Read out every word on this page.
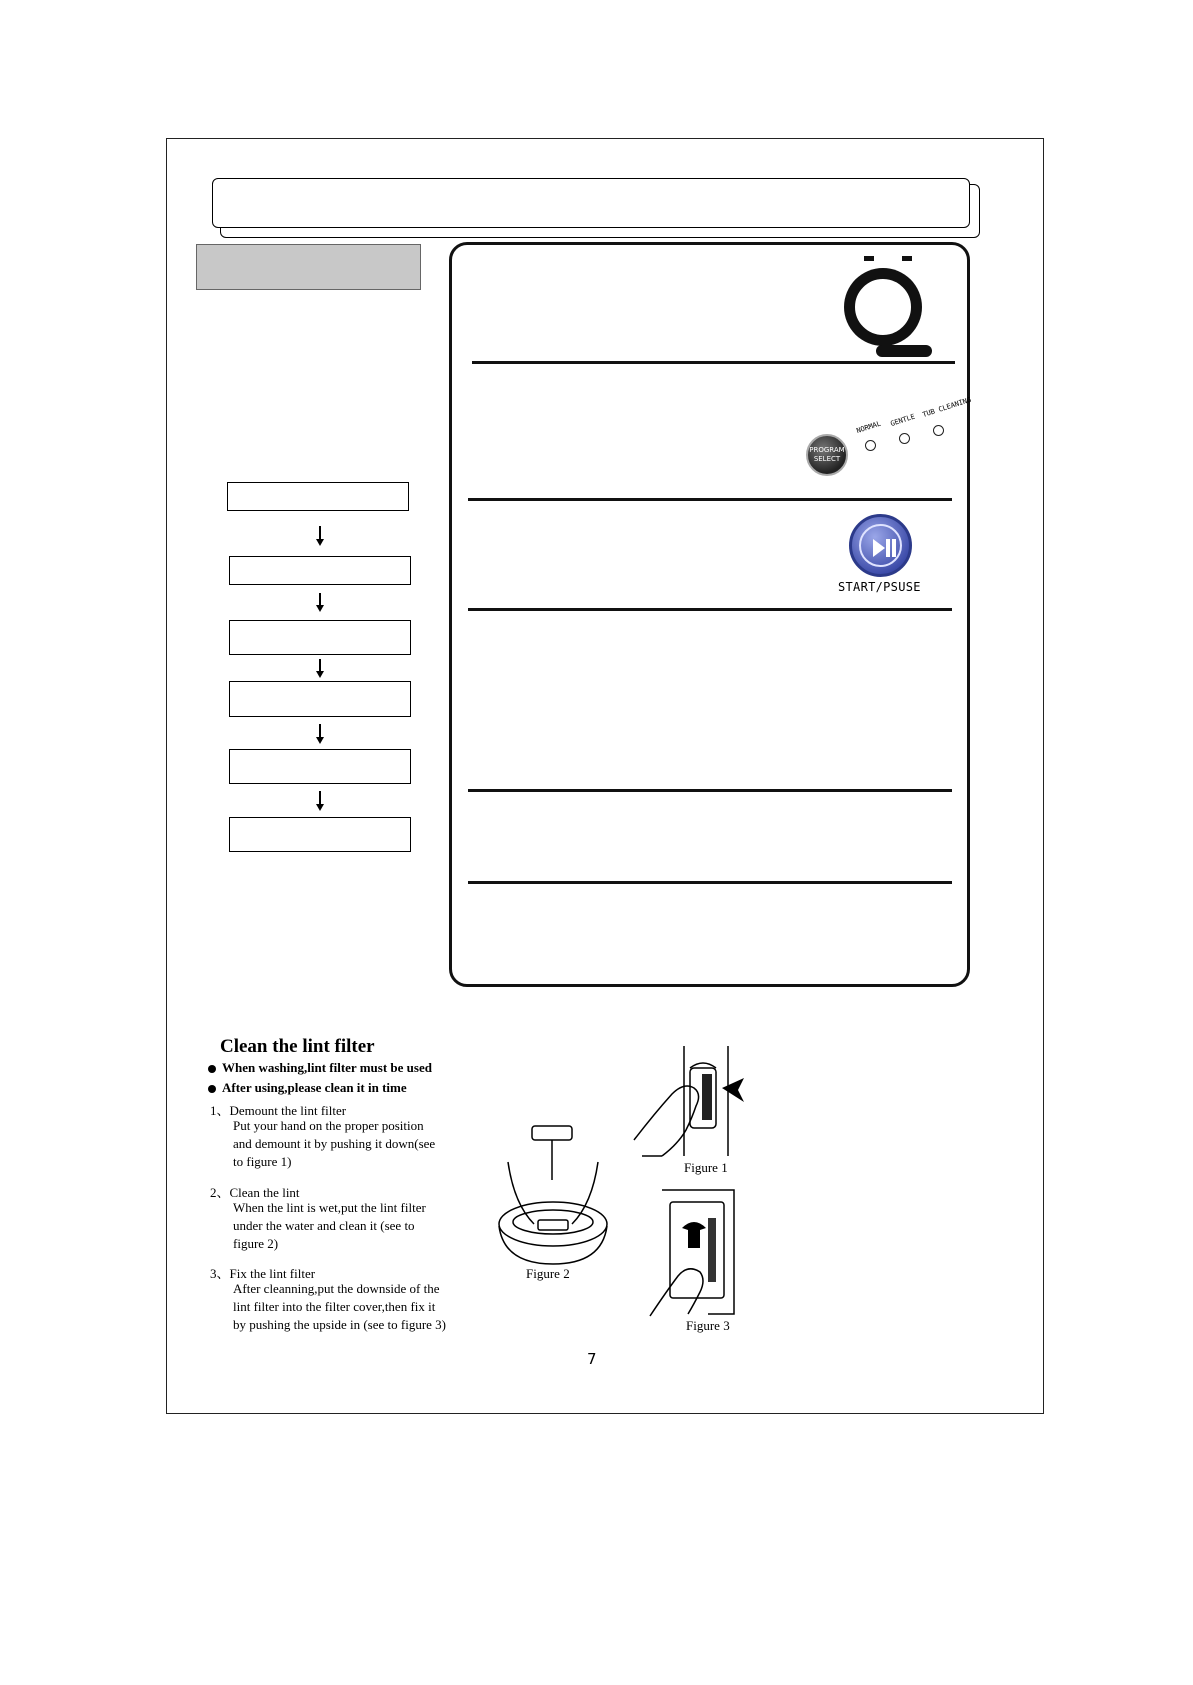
PROGRAM
SELECT
NORMAL GENTLE
TUB CLEANING
START/PSUSE
Clean the lint filter
When washing,lint filter must be used
After using,please clean it in time
1、Demount the lint filter
Put your hand on the proper position
and demount it by pushing it down(see
to figure 1)
2、Clean the lint
When the lint is wet,put the lint filter
under the water and clean it (see to
figure 2)
3、Fix the lint filter
After cleanning,put the downside of the
lint filter into the filter cover,then fix it
by pushing the upside in (see to figure 3)
Figure 2
Figure 1
Figure 3
7
